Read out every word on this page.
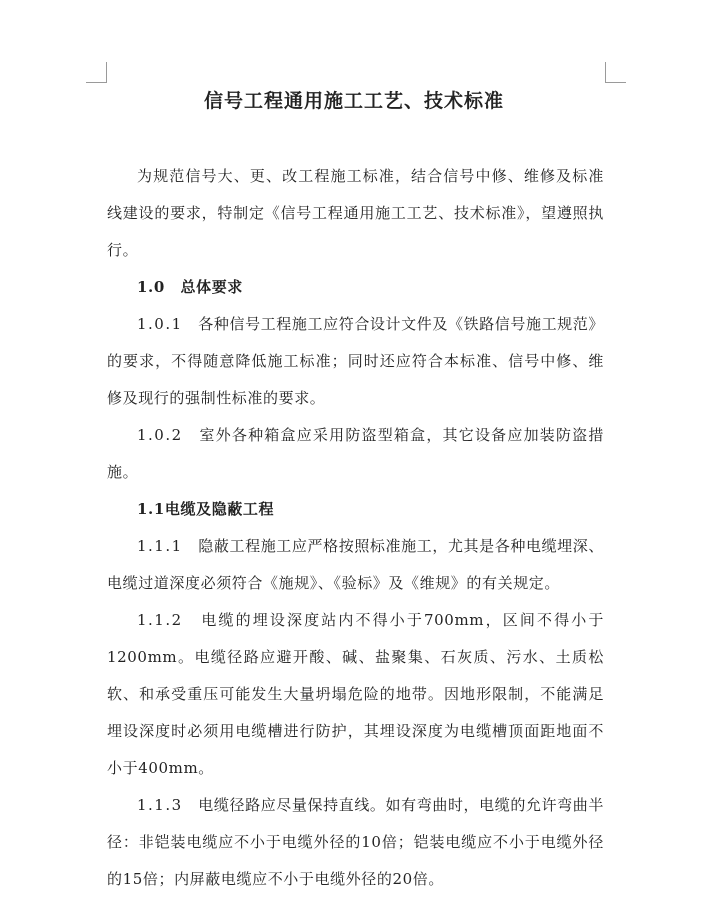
信号工程通用施工工艺、技术标准

为规范信号大、更、改工程施工标准，结合信号中修、维修及标准线建设的要求，特制定《信号工程通用施工工艺、技术标准》，望遵照执行。

1.0　总体要求

1.0.1　 各种信号工程施工应符合设计文件及《铁路信号施工规范》的要求，不得随意降低施工标准；同时还应符合本标准、信号中修、维修及现行的强制性标准的要求。

1.0.2　 室外各种箱盒应采用防盗型箱盒，其它设备应加装防盗措施。

1.1电缆及隐蔽工程

1.1.1　 隐蔽工程施工应严格按照标准施工，尤其是各种电缆埋深、电缆过道深度必须符合《施规》、《验标》及《维规》的有关规定。

1.1.2　 电缆的埋设深度站内不得小于700mm，区间不得小于1200mm。电缆径路应避开酸、碱、盐聚集、石灰质、污水、土质松软、和承受重压可能发生大量坍塌危险的地带。因地形限制，不能满足埋设深度时必须用电缆槽进行防护，其埋设深度为电缆槽顶面距地面不小于400mm。

1.1.3　 电缆径路应尽量保持直线。如有弯曲时，电缆的允许弯曲半径：非铠装电缆应不小于电缆外径的10倍；铠装电缆应不小于电缆外径的15倍；内屏蔽电缆应不小于电缆外径的20倍。
